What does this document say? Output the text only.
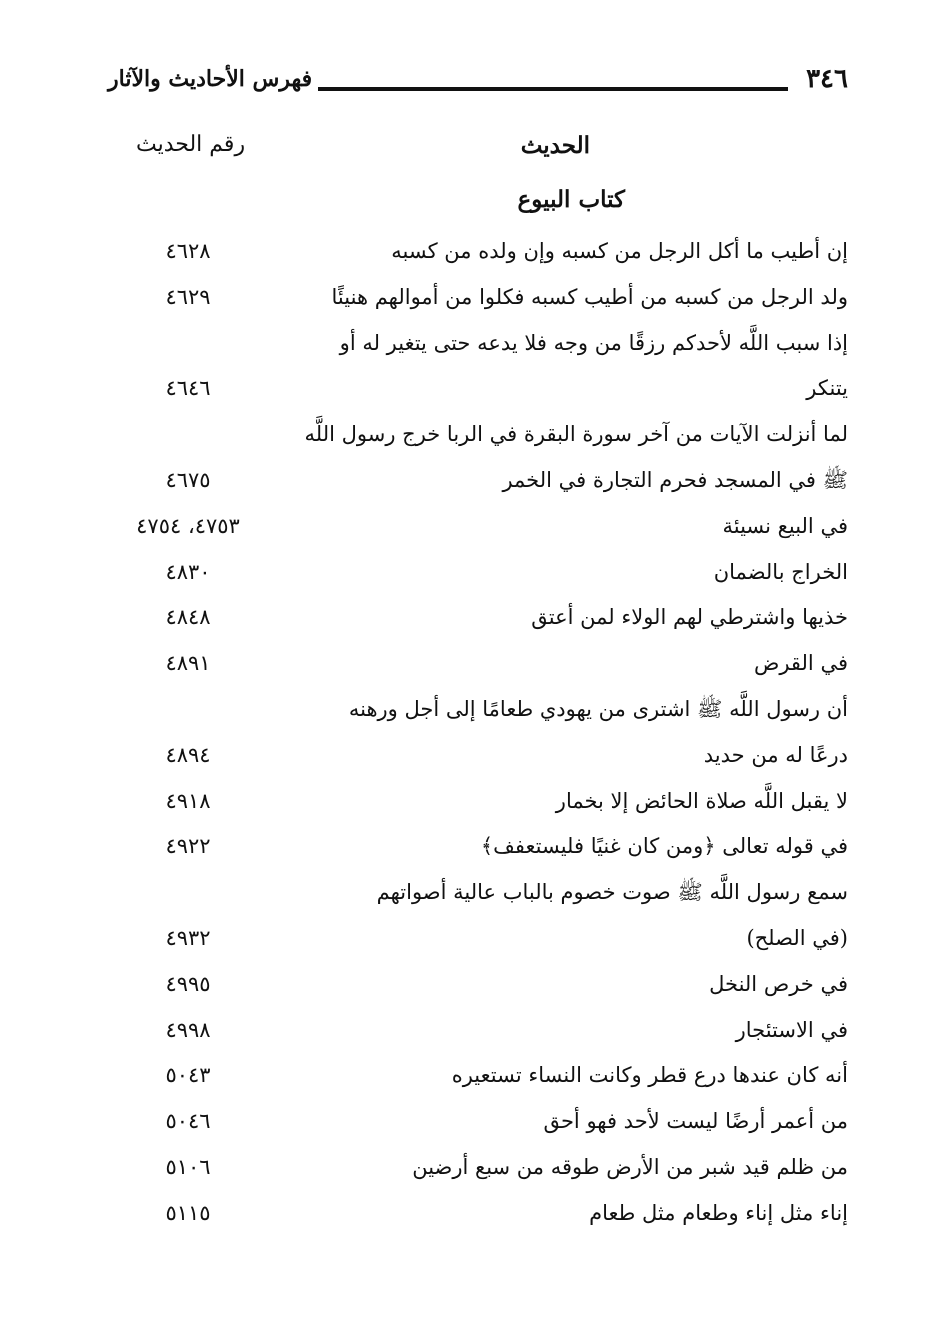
٣٤٦
فهرس الأحاديث والآثار
الحديث
رقم الحديث
كتاب البيوع
إن أطيب ما أكل الرجل من كسبه وإن ولده من كسبه
٤٦٢٨
ولد الرجل من كسبه من أطيب كسبه فكلوا من أموالهم هنيئًا
٤٦٢٩
إذا سبب اللَّه لأحدكم رزقًا من وجه فلا يدعه حتى يتغير له أو
يتنكر
٤٦٤٦
لما أنزلت الآيات من آخر سورة البقرة في الربا خرج رسول اللَّه
ﷺ في المسجد فحرم التجارة في الخمر
٤٦٧٥
في البيع نسيئة
٤٧٥٣، ٤٧٥٤
الخراج بالضمان
٤٨٣٠
خذيها واشترطي لهم الولاء لمن أعتق
٤٨٤٨
في القرض
٤٨٩١
أن رسول اللَّه ﷺ اشترى من يهودي طعامًا إلى أجل ورهنه
درعًا له من حديد
٤٨٩٤
لا يقبل اللَّه صلاة الحائض إلا بخمار
٤٩١٨
في قوله تعالى ﴿ومن كان غنيًا فليستعفف﴾
٤٩٢٢
سمع رسول اللَّه ﷺ صوت خصوم بالباب عالية أصواتهم
(في الصلح)
٤٩٣٢
في خرص النخل
٤٩٩٥
في الاستئجار
٤٩٩٨
أنه كان عندها درع قطر وكانت النساء تستعيره
٥٠٤٣
من أعمر أرضًا ليست لأحد فهو أحق
٥٠٤٦
من ظلم قيد شبر من الأرض طوقه من سبع أرضين
٥١٠٦
إناء مثل إناء وطعام مثل طعام
٥١١٥
